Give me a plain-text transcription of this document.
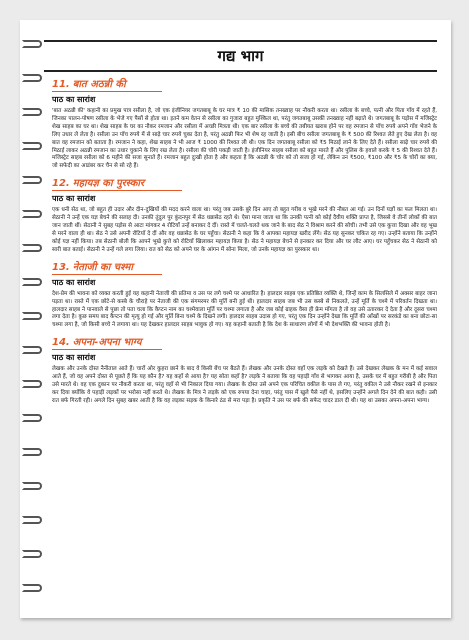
गद्य भाग
11. बात अठन्नी की
पाठ का सारांश

'बात अठन्नी की' कहानी का प्रमुख पात्र रसीला है, जो एक इंजीनियर जगतबाबू के घर मात्र ₹ 10 की मासिक तनख्वाह पर नौकरी करता था। रसीला के बच्चे, पत्नी और पिता गाँव में रहते हैं, जिनका पालन-पोषण रसीला के भेजे गए पैसों से होता था। इतने कम वेतन से रसीला का गुजारा बहुत मुश्किल था, परंतु जगतबाबू उसकी तनख्वाह नहीं बढ़ाते थे। जगतबाबू के पड़ोस में मजिस्ट्रेट शेख साहब का घर था। शेख साहब के घर का नौकर रमजान और रसीला में अच्छी मित्रता थी। एक बार रसीला के बच्चे की तबीयत खराब होने पर वह रमजान से पाँच रुपये अपने गाँव भेजने के लिए उधार ले लेता है। रसीला उन पाँच रुपये में से साढ़े चार रुपये चुका देता है, परंतु अठन्नी फिर भी शेष रह जाती है। इसी बीच रसीला जगतबाबू के ₹ 500 की रिश्वत लेते हुए देख लेता है। वह बात वह रमजान को बताता है। रमजान ने कहा, शेख साहब ने भी आज ₹ 1000 की रिश्वत ली थी। एक दिन जगतबाबू रसीला को ₹5 मिठाई लाने के लिए देते हैं। रसीला साढ़े चार रुपये की मिठाई लाकर अठन्नी रमजान का उधार चुकाने के लिए रख लेता है। रसीला की चोरी पकड़ी जाती है। इंजीनियर साहब रसीला को बहुत मारते हैं और पुलिस के हवाले करके ₹ 5 की रिश्वत देते हैं। मजिस्ट्रेट साहब रसीला को 6 महीने की सजा सुनाते हैं। रमजान बहुत दुःखी होता है और कहता है कि अठन्नी के चोर को तो सजा हो गई, लेकिन उन ₹500, ₹100 और ₹5 के चोरों का क्या, जो सफेदी का आडंबर कर चैन से सो रहे हैं।

12. महायज्ञ का पुरस्कार
पाठ का सारांश

एक धनी सेठ था, जो बहुत ही उदार और दीन-दुखियों की मदद करने वाला था। परंतु जब उसके बुरे दिन आए तो बहुत गरीब व भूखे मरने की नौबत आ गई। उन दिनों यज्ञों का फल मिलता था। सेठानी ने उन्हें एक यज्ञ बेचने की सलाह दी। उनकी तुंदुल पुर कुंदनपुर में सेठ धन्नासेठ रहते थे। ऐसा माना जाता था कि उनकी पत्नी को कोई दैवीय शक्ति प्राप्त है, जिससे वे तीनों लोकों की बात जान जाती थीं। सेठानी ने सुबह पड़ोस से आटा मांगकर 4 रोटियाँ उन्हें बनाकर दे दीं। रास्ते में चलते-चलते थक जाने के बाद सेठ ने विश्राम करने की सोची। तभी उसे एक कुत्ता दिखा और वह भूख से मरने वाला ही था। सेठ ने उसे अपनी रोटियाँ दे दीं और वह धन्नासेठ के घर पहुँचा। सेठानी ने कहा कि वे आपका महायज्ञ खरीद लेंगे। सेठ यह सुनकर चकित रह गए। उन्होंने बताया कि उन्होंने कोई यज्ञ नहीं किया। तब सेठानी बोली कि आपने भूखे कुत्ते को रोटियाँ खिलाकर महायज्ञ किया है। सेठ ने महायज्ञ बेचने से इनकार कर दिया और घर लौट आए। घर पहुँचकर सेठ ने सेठानी को सारी बात बताई। सेठानी ने उन्हें गले लगा लिया। रात को सेठ को अपने घर के आंगन में सोना मिला, जो उनके महायज्ञ का पुरस्कार था।

13. नेताजी का चश्मा
पाठ का सारांश

देश-प्रेम की भावना को व्यक्त करती हुई यह कहानी नेताजी की प्रतिमा व उस पर लगे चश्मे पर आधारित है। हालदार साहब एक प्रतिष्ठित व्यक्ति थे, जिन्हें काम के सिलसिले में अक्सर बाहर जाना पड़ता था। रास्ते में एक छोटे-से कस्बे के चौराहे पर नेताजी की एक संगमरमर की मूर्ति बनी हुई थी। हालदार साहब जब भी उस कस्बे से निकलते, उन्हें मूर्ति के चश्मे में परिवर्तन दिखता था। हालदार साहब ने पानवाले से पूछा तो पता चला कि कैप्टन नाम का चश्मेवाला मूर्ति पर चश्मा लगाता है और जब कोई ग्राहक वैसा ही फ्रेम माँगता है तो वह उसे उतारकर दे देता है और दूसरा चश्मा लगा देता है। कुछ समय बाद कैप्टन की मृत्यु हो गई और मूर्ति बिना चश्मे के दिखने लगी। हालदार साहब उदास हो गए, परंतु एक दिन उन्होंने देखा कि मूर्ति की आँखों पर सरकंडे का बना छोटा-सा चश्मा लगा है, जो किसी बच्चे ने लगाया था। यह देखकर हालदार साहब भावुक हो गए। यह कहानी बताती है कि देश के साधारण लोगों में भी देशभक्ति की भावना होती है।

14. अपना-अपना भाग्य
पाठ का सारांश

लेखक और उनके दोस्त नैनीताल आते हैं। चारों ओर कुहरा छाने के बाद वे किसी बेंच पर बैठते हैं। लेखक और उनके दोस्त वहाँ एक लड़के को देखते हैं। उसे देखकर लेखक के मन में कई सवाल आते हैं, जो वह अपने दोस्त से पूछते हैं कि यह कौन है? यह कहाँ से आया है? यह सोता कहाँ है? लड़के ने बताया कि वह पहाड़ी गाँव से भागकर आया है, उसके घर में बहुत गरीबी है और पिता उसे मारते थे। वह एक दुकान पर नौकरी करता था, परंतु वहाँ से भी निकाल दिया गया। लेखक के दोस्त उसे अपने एक परिचित वकील के पास ले गए, परंतु वकील ने उसे नौकर रखने से इनकार कर दिया क्योंकि वे पहाड़ी लड़कों पर भरोसा नहीं करते थे। लेखक के मित्र ने लड़के को एक रुपया देना चाहा, परंतु पास में खुले पैसे नहीं थे, इसलिए उन्होंने अगले दिन देने की बात कही। उसी रात बर्फ गिरती रही। अगले दिन सुबह खबर आती है कि वह लड़का सड़क के किनारे ठंड से मरा पड़ा है। प्रकृति ने उस पर बर्फ की सफेद चादर डाल दी थी। यह था उसका अपना-अपना भाग्य।
